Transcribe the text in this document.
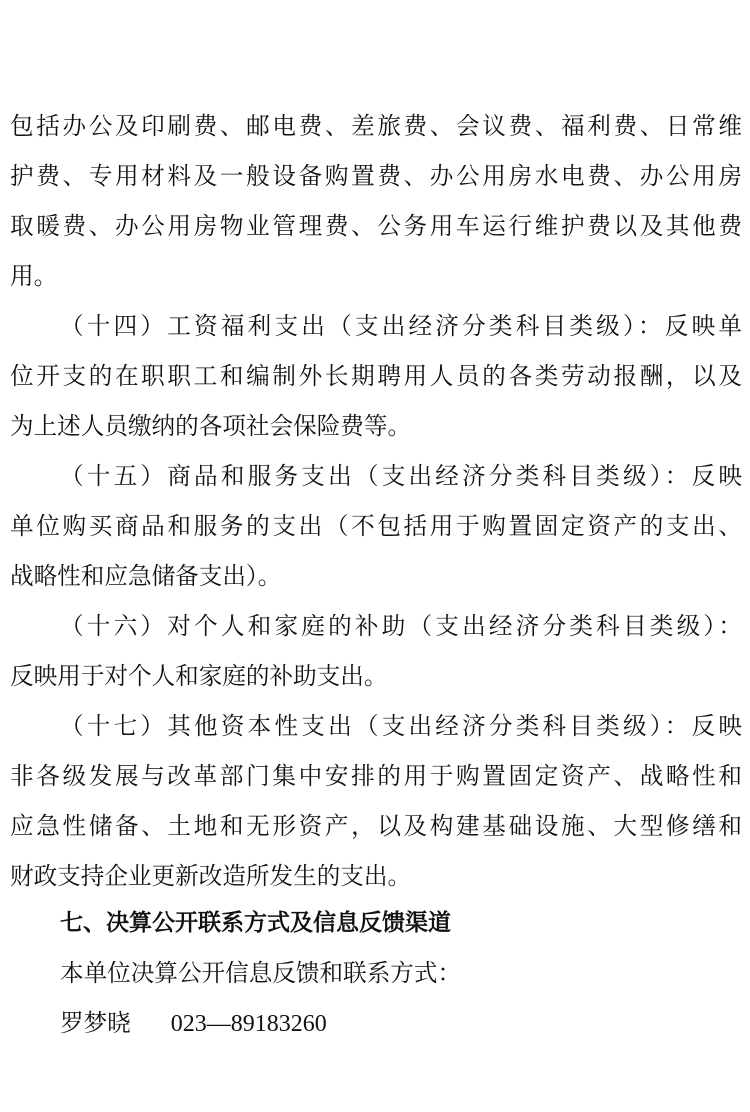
包括办公及印刷费、邮电费、差旅费、会议费、福利费、日常维
护费、专用材料及一般设备购置费、办公用房水电费、办公用房
取暖费、办公用房物业管理费、公务用车运行维护费以及其他费
用。
（十四）工资福利支出（支出经济分类科目类级）：反映单
位开支的在职职工和编制外长期聘用人员的各类劳动报酬，以及
为上述人员缴纳的各项社会保险费等。
（十五）商品和服务支出（支出经济分类科目类级）：反映
单位购买商品和服务的支出（不包括用于购置固定资产的支出、
战略性和应急储备支出）。
（十六）对个人和家庭的补助（支出经济分类科目类级）：
反映用于对个人和家庭的补助支出。
（十七）其他资本性支出（支出经济分类科目类级）：反映
非各级发展与改革部门集中安排的用于购置固定资产、战略性和
应急性储备、土地和无形资产，以及构建基础设施、大型修缮和
财政支持企业更新改造所发生的支出。
七、决算公开联系方式及信息反馈渠道
本单位决算公开信息反馈和联系方式：
罗梦晓 023—89183260
